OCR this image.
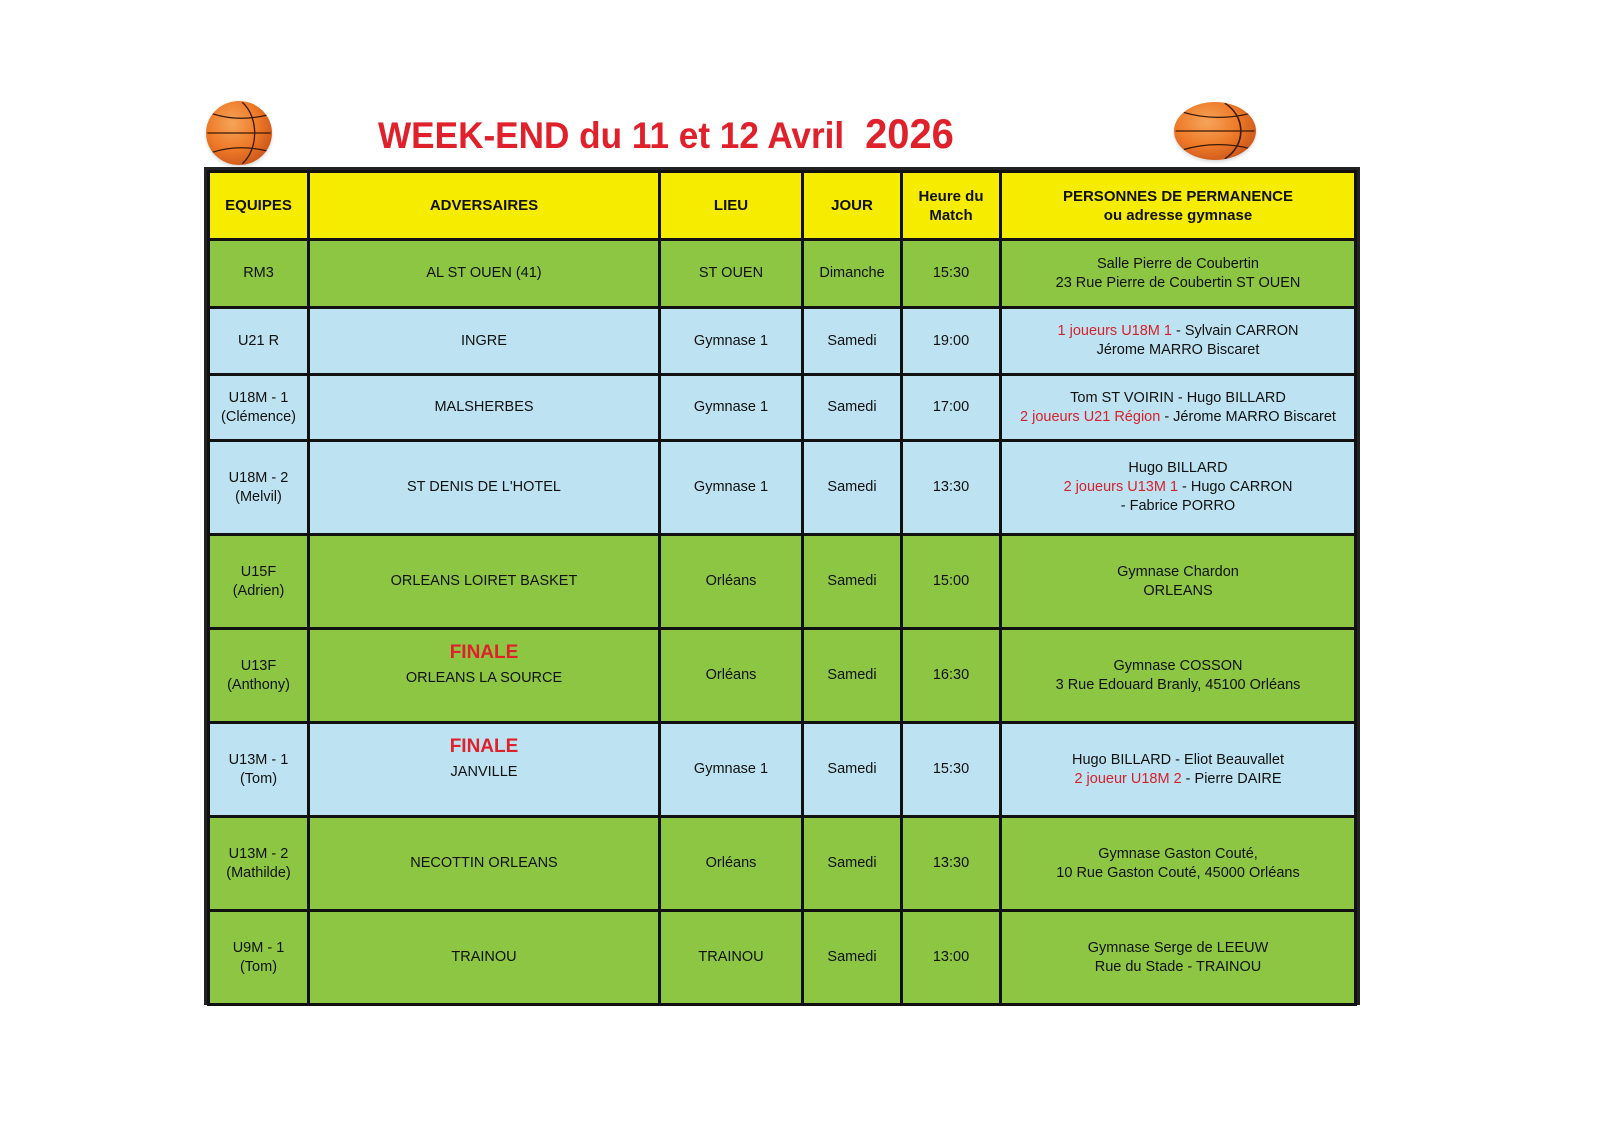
WEEK-END du 11 et 12 Avril 2026
EQUIPES	ADVERSAIRES	LIEU	JOUR	Heure du
Match	PERSONNES DE PERMANENCE
ou adresse gymnase

RM3	AL ST OUEN (41)	ST OUEN	Dimanche	15:30	Salle Pierre de Coubertin
23 Rue Pierre de Coubertin ST OUEN

U21 R	INGRE	Gymnase 1	Samedi	19:00	1 joueurs U18M 1 - Sylvain CARRON
Jérome MARRO Biscaret

U18M - 1
(Clémence)	MALSHERBES	Gymnase 1	Samedi	17:00	Tom ST VOIRIN - Hugo BILLARD
2 joueurs U21 Région - Jérome MARRO Biscaret

U18M - 2
(Melvil)	ST DENIS DE L'HOTEL	Gymnase 1	Samedi	13:30	Hugo BILLARD
2 joueurs U13M 1 - Hugo CARRON
- Fabrice PORRO

U15F
(Adrien)	ORLEANS LOIRET BASKET	Orléans	Samedi	15:00	Gymnase Chardon
ORLEANS

U13F
(Anthony)	FINALE
ORLEANS LA SOURCE	Orléans	Samedi	16:30	Gymnase COSSON
3 Rue Edouard Branly, 45100 Orléans

U13M - 1
(Tom)	FINALE
JANVILLE	Gymnase 1	Samedi	15:30	Hugo BILLARD - Eliot Beauvallet
2 joueur U18M 2 - Pierre DAIRE

U13M - 2
(Mathilde)	NECOTTIN ORLEANS	Orléans	Samedi	13:30	Gymnase Gaston Couté,
10 Rue Gaston Couté, 45000 Orléans

U9M - 1
(Tom)	TRAINOU	TRAINOU	Samedi	13:00	Gymnase Serge de LEEUW
Rue du Stade - TRAINOU
